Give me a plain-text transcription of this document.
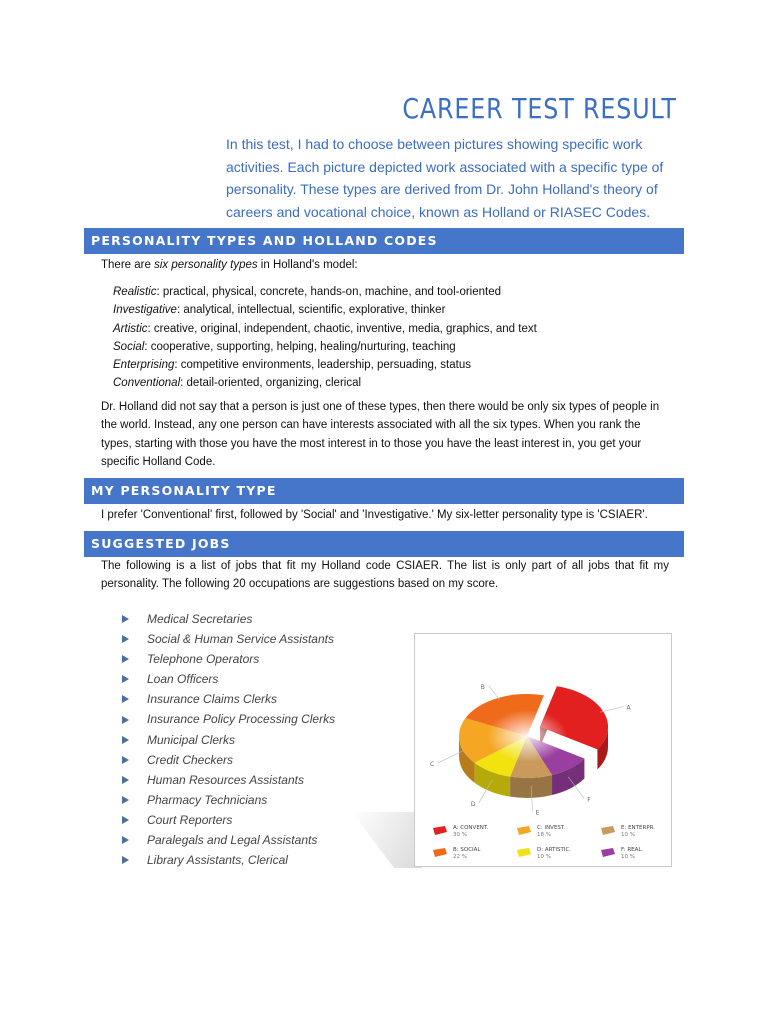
CAREER TEST RESULT

In this test, I had to choose between pictures showing specific work activities. Each picture depicted work associated with a specific type of personality. These types are derived from Dr. John Holland's theory of careers and vocational choice, known as Holland or RIASEC Codes.

PERSONALITY TYPES AND HOLLAND CODES

There are six personality types in Holland's model:

Realistic: practical, physical, concrete, hands-on, machine, and tool-oriented
Investigative: analytical, intellectual, scientific, explorative, thinker
Artistic: creative, original, independent, chaotic, inventive, media, graphics, and text
Social: cooperative, supporting, helping, healing/nurturing, teaching
Enterprising: competitive environments, leadership, persuading, status
Conventional: detail-oriented, organizing, clerical

Dr. Holland did not say that a person is just one of these types, then there would be only six types of people in the world. Instead, any one person can have interests associated with all the six types. When you rank the types, starting with those you have the most interest in to those you have the least interest in, you get your specific Holland Code.

MY PERSONALITY TYPE

I prefer 'Conventional' first, followed by 'Social' and 'Investigative.' My six-letter personality type is 'CSIAER'.

SUGGESTED JOBS

The following is a list of jobs that fit my Holland code CSIAER. The list is only part of all jobs that fit my personality. The following 20 occupations are suggestions based on my score.

Medical Secretaries
Social & Human Service Assistants
Telephone Operators
Loan Officers
Insurance Claims Clerks
Insurance Policy Processing Clerks
Municipal Clerks
Credit Checkers
Human Resources Assistants
Pharmacy Technicians
Court Reporters
Paralegals and Legal Assistants
Library Assistants, Clerical
A
F
E
D
C
B
A: CONVENT.
30 %
C: INVEST.
18 %
E: ENTERPR.
10 %
B: SOCIAL
22 %
D: ARTISTIC.
10 %
F: REAL.
10 %
